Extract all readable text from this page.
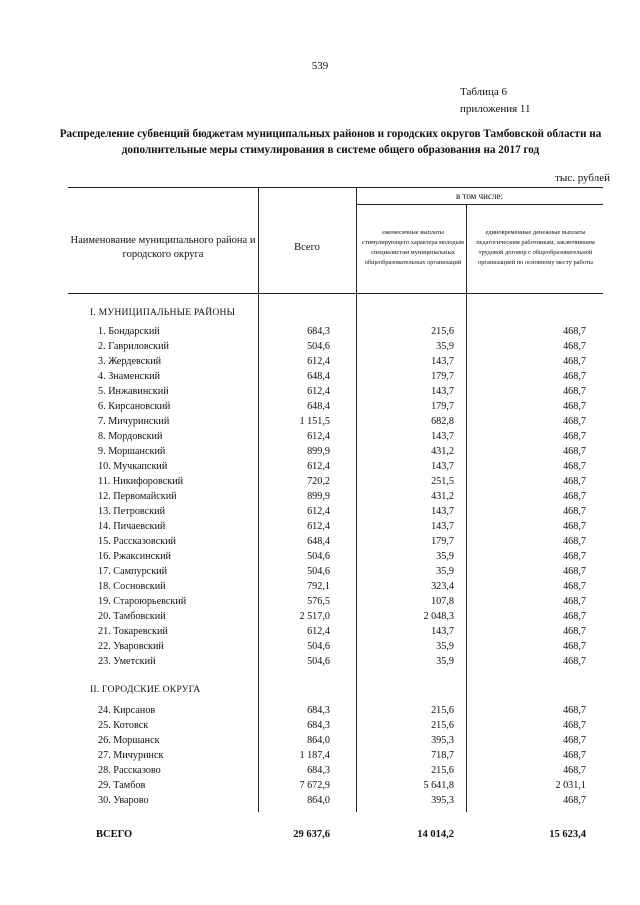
539
Таблица 6
приложения 11
Распределение субвенций бюджетам муниципальных районов и городских округов Тамбовской области на дополнительные меры стимулирования в системе общего образования на 2017 год
тыс. рублей
Наименование муниципального района и городского округа
Всего
в том числе:
ежемесячные выплаты стимулирующего характера молодым специалистам муниципальных общеобразовательных организаций
единовременные денежные выплаты педагогическим работникам, заключившим трудовой договор с общеобразовательной организацией по основному месту работы
I. МУНИЦИПАЛЬНЫЕ РАЙОНЫ
1. Бондарский	684,3	215,6	468,7
2. Гавриловский	504,6	35,9	468,7
3. Жердевский	612,4	143,7	468,7
4. Знаменский	648,4	179,7	468,7
5. Инжавинский	612,4	143,7	468,7
6. Кирсановский	648,4	179,7	468,7
7. Мичуринский	1 151,5	682,8	468,7
8. Мордовский	612,4	143,7	468,7
9. Моршанский	899,9	431,2	468,7
10. Мучкапский	612,4	143,7	468,7
11. Никифоровский	720,2	251,5	468,7
12. Первомайский	899,9	431,2	468,7
13. Петровский	612,4	143,7	468,7
14. Пичаевский	612,4	143,7	468,7
15. Рассказовский	648,4	179,7	468,7
16. Ржаксинский	504,6	35,9	468,7
17. Сампурский	504,6	35,9	468,7
18. Сосновский	792,1	323,4	468,7
19. Староюрьевский	576,5	107,8	468,7
20. Тамбовский	2 517,0	2 048,3	468,7
21. Токаревский	612,4	143,7	468,7
22. Уваровский	504,6	35,9	468,7
23. Уметский	504,6	35,9	468,7
II. ГОРОДСКИЕ ОКРУГА
24. Кирсанов	684,3	215,6	468,7
25. Котовск	684,3	215,6	468,7
26. Моршанск	864,0	395,3	468,7
27. Мичуринск	1 187,4	718,7	468,7
28. Рассказово	684,3	215,6	468,7
29. Тамбов	7 672,9	5 641,8	2 031,1
30. Уварово	864,0	395,3	468,7
ВСЕГО	29 637,6	14 014,2	15 623,4
